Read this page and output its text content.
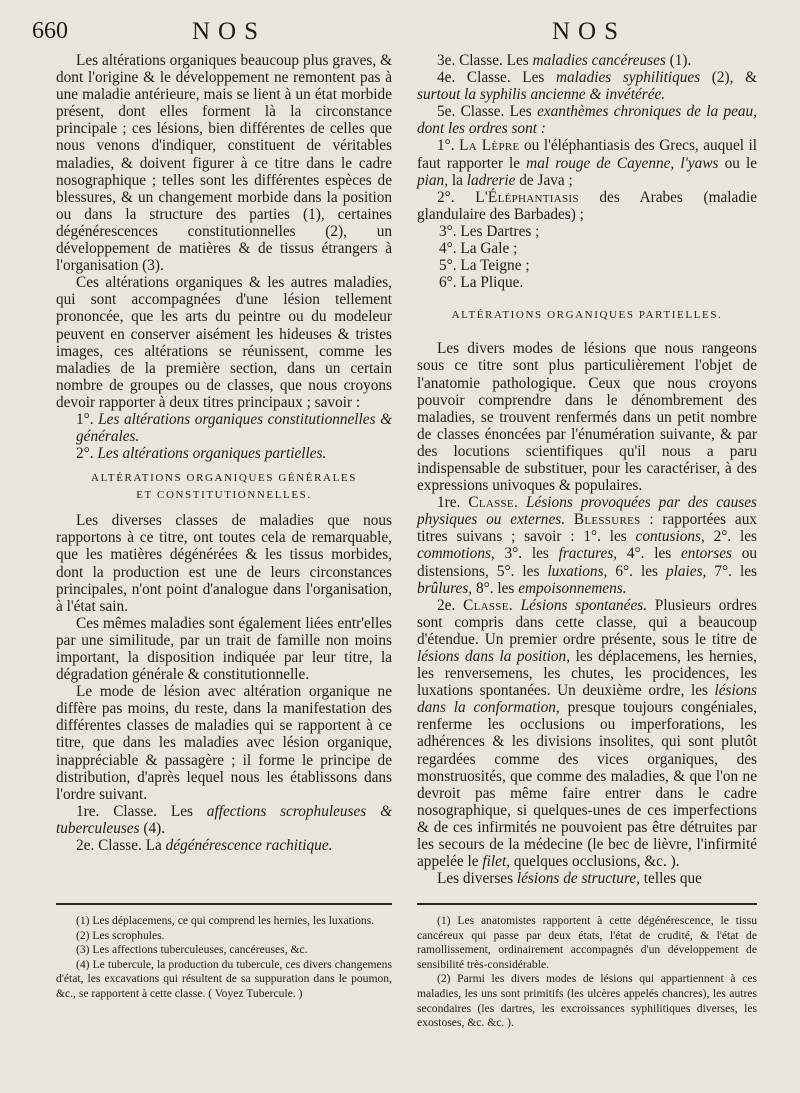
660	NOS	NOS

Les altérations organiques beaucoup plus graves, & dont l'origine & le développement ne remontent pas à une maladie antérieure, mais se lient à un état morbide présent, dont elles forment là la circonstance principale ; ces lésions, bien différentes de celles que nous venons d'indiquer, constituent de véritables maladies, & doivent figurer à ce titre dans le cadre nosographique ; telles sont les différentes espèces de blessures, & un changement morbide dans la position ou dans la structure des parties (1), certaines dégénérescences constitutionnelles (2), un développement de matières & de tissus étrangers à l'organisation (3).

Ces altérations organiques & les autres maladies, qui sont accompagnées d'une lésion tellement prononcée, que les arts du peintre ou du modeleur peuvent en conserver aisément les hideuses & tristes images, ces altérations se réunissent, comme les maladies de la première section, dans un certain nombre de groupes ou de classes, que nous croyons devoir rapporter à deux titres principaux ; savoir :

1°. Les altérations organiques constitutionnelles & générales.

2°. Les altérations organiques partielles.

ALTÉRATIONS ORGANIQUES GÉNÉRALES
ET CONSTITUTIONNELLES.

Les diverses classes de maladies que nous rapportons à ce titre, ont toutes cela de remarquable, que les matières dégénérées & les tissus morbides, dont la production est une de leurs circonstances principales, n'ont point d'analogue dans l'organisation, à l'état sain.

Ces mêmes maladies sont également liées entr'elles par une similitude, par un trait de famille non moins important, la disposition indiquée par leur titre, la dégradation générale & constitutionnelle.

Le mode de lésion avec altération organique ne diffère pas moins, du reste, dans la manifestation des différentes classes de maladies qui se rapportent à ce titre, que dans les maladies avec lésion organique, inappréciable & passagère ; il forme le principe de distribution, d'après lequel nous les établissons dans l'ordre suivant.

1re. Classe. Les affections scrophuleuses & tuberculeuses (4).

2e. Classe. La dégénérescence rachitique.

3e. Classe. Les maladies cancéreuses (1).

4e. Classe. Les maladies syphilitiques (2), & surtout la syphilis ancienne & invétérée.

5e. Classe. Les exanthèmes chroniques de la peau, dont les ordres sont :

1°. La Lèpre ou l'éléphantiasis des Grecs, auquel il faut rapporter le mal rouge de Cayenne, l'yaws ou le pian, la ladrerie de Java ;

2°. L'Éléphantiasis des Arabes (maladie glandulaire des Barbades) ;

3°. Les Dartres ;

4°. La Gale ;

5°. La Teigne ;

6°. La Plique.

ALTÉRATIONS ORGANIQUES PARTIELLES.

Les divers modes de lésions que nous rangeons sous ce titre sont plus particulièrement l'objet de l'anatomie pathologique. Ceux que nous croyons pouvoir comprendre dans le dénombrement des maladies, se trouvent renfermés dans un petit nombre de classes énoncées par l'énumération suivante, & par des locutions scientifiques qu'il nous a paru indispensable de substituer, pour les caractériser, à des expressions univoques & populaires.

1re. Classe. Lésions provoquées par des causes physiques ou externes. Blessures : rapportées aux titres suivans ; savoir : 1°. les contusions, 2°. les commotions, 3°. les fractures, 4°. les entorses ou distensions, 5°. les luxations, 6°. les plaies, 7°. les brûlures, 8°. les empoisonnemens.

2e. Classe. Lésions spontanées. Plusieurs ordres sont compris dans cette classe, qui a beaucoup d'étendue. Un premier ordre présente, sous le titre de lésions dans la position, les déplacemens, les hernies, les renversemens, les chutes, les procidences, les luxations spontanées. Un deuxième ordre, les lésions dans la conformation, presque toujours congéniales, renferme les occlusions ou imperforations, les adhérences & les divisions insolites, qui sont plutôt regardées comme des vices organiques, des monstruosités, que comme des maladies, & que l'on ne devroit pas même faire entrer dans le cadre nosographique, si quelques-unes de ces imperfections & de ces infirmités ne pouvoient pas être détruites par les secours de la médecine (le bec de lièvre, l'infirmité appelée le filet, quelques occlusions, &c. ).

Les diverses lésions de structure, telles que

(1) Les déplacemens, ce qui comprend les hernies, les luxations.

(2) Les scrophules.

(3) Les affections tuberculeuses, cancéreuses, &c.

(4) Le tubercule, la production du tubercule, ces divers changemens d'état, les excavations qui résultent de sa suppuration dans le poumon, &c., se rapportent à cette classe. ( Voyez Tubercule. )

(1) Les anatomistes rapportent à cette dégénérescence, le tissu cancéreux qui passe par deux états, l'état de crudité, & l'état de ramollissement, ordinairement accompagnés d'un développement de sensibilité très-considérable.

(2) Parmi les divers modes de lésions qui appartiennent à ces maladies, les uns sont primitifs (les ulcères appelés chancres), les autres secondaires (les dartres, les excroissances syphilitiques diverses, les exostoses, &c. &c. ).
